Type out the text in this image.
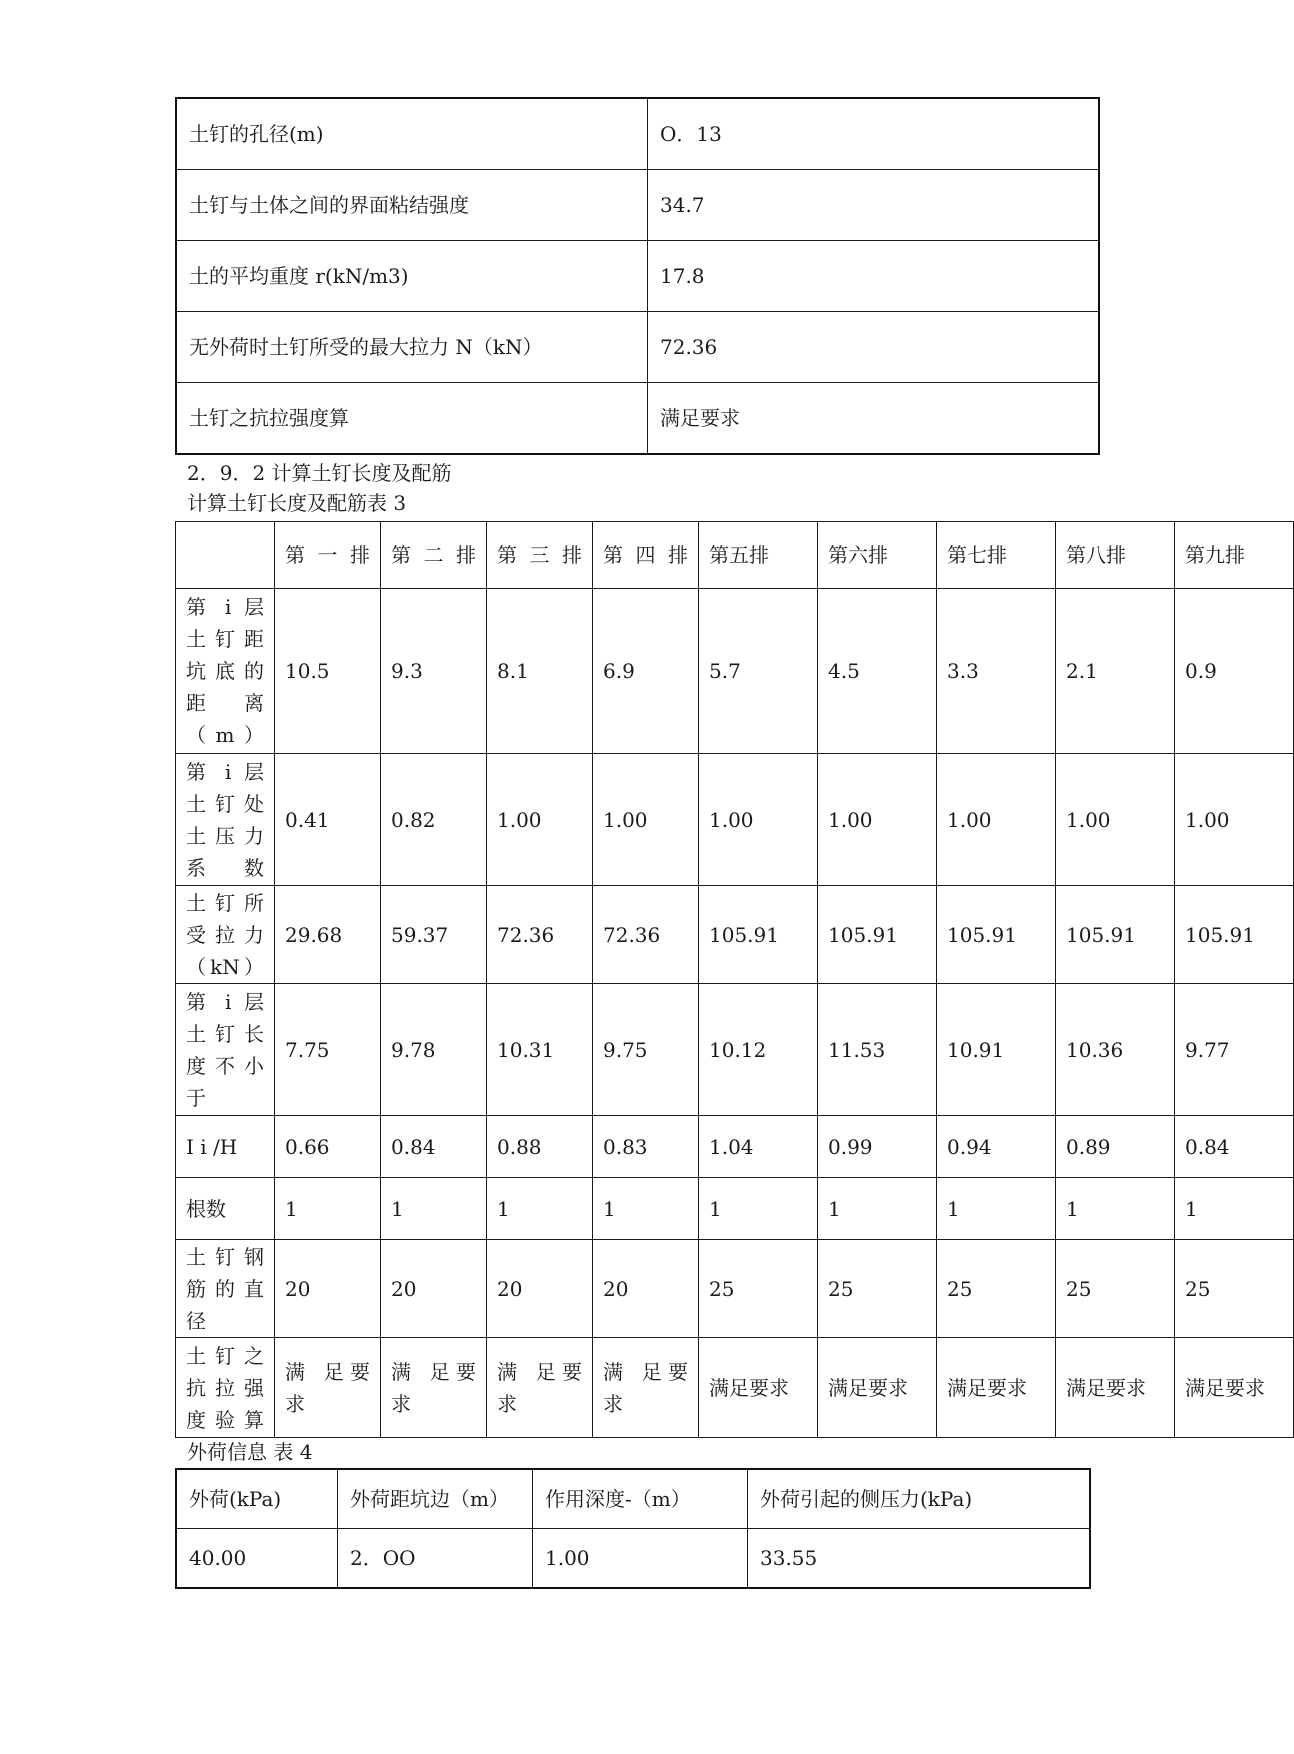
土钉的孔径(m)	O．13
土钉与土体之间的界面粘结强度	34.7
土的平均重度 r(kN/m3)	17.8
无外荷时土钉所受的最大拉力 N（kN）	72.36
土钉之抗拉强度算	满足要求
2．9．2 计算土钉长度及配筋
计算土钉长度及配筋表 3
	第 一 排	第 二 排	第 三 排	第 四 排	第五排	第六排	第七排	第八排	第九排
第 i 层土钉距坑底的距离（m）	10.5	9.3	8.1	6.9	5.7	4.5	3.3	2.1	0.9
第 i 层土钉处土压力系数	0.41	0.82	1.00	1.00	1.00	1.00	1.00	1.00	1.00
土钉所受拉力（kN）	29.68	59.37	72.36	72.36	105.91	105.91	105.91	105.91	105.91
第 i 层土钉长度不小于	7.75	9.78	10.31	9.75	10.12	11.53	10.91	10.36	9.77
I i /H	0.66	0.84	0.88	0.83	1.04	0.99	0.94	0.89	0.84
根数	1	1	1	1	1	1	1	1	1
土钉钢筋的直径	20	20	20	20	25	25	25	25	25
土钉之抗拉强度验算	满 足要求	满 足要求	满 足要求	满 足要求	满足要求	满足要求	满足要求	满足要求	满足要求
外荷信息 表 4
外荷(kPa)	外荷距坑边（m）	作用深度-（m）	外荷引起的侧压力(kPa)
40.00	2．OO	1.00	33.55
